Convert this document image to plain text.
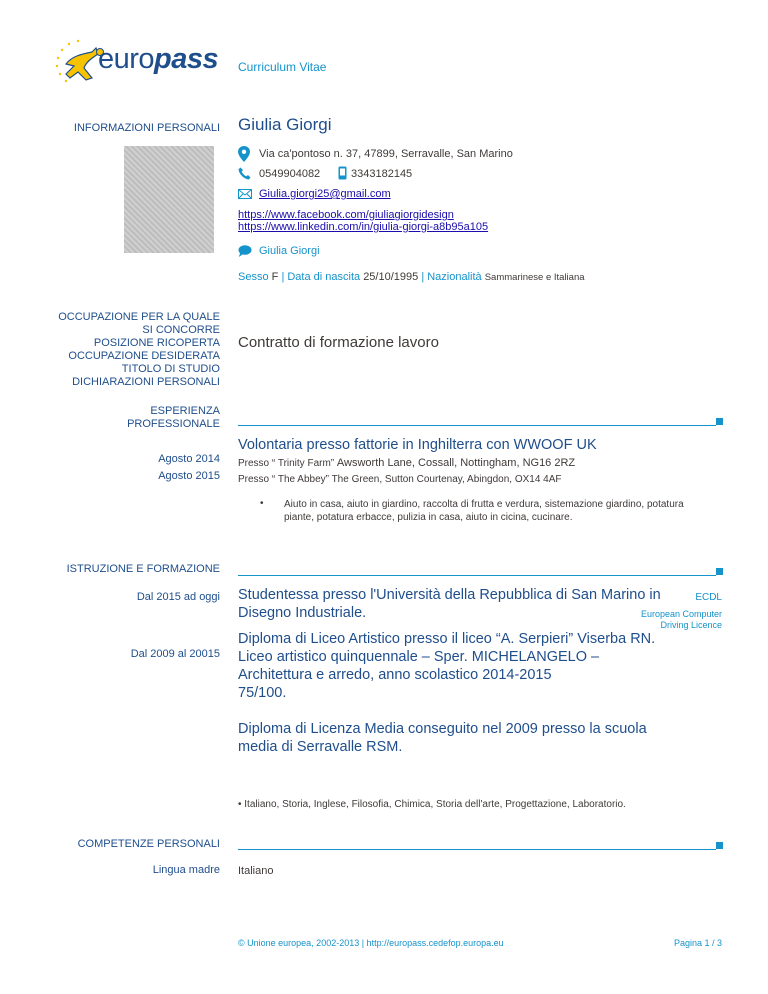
europass Curriculum Vitae
INFORMAZIONI PERSONALI Giulia Giorgi
Via ca'pontoso n. 37, 47899, Serravalle, San Marino
0549904082	3343182145
Giulia.giorgi25@gmail.com
https://www.facebook.com/giuliagiorgidesign
https://www.linkedin.com/in/giulia-giorgi-a8b95a105
Giulia Giorgi
Sesso F | Data di nascita 25/10/1995 | Nazionalità Sammarinese e Italiana
OCCUPAZIONE PER LA QUALE
SI CONCORRE
POSIZIONE RICOPERTA
OCCUPAZIONE DESIDERATA
TITOLO DI STUDIO
DICHIARAZIONI PERSONALI
Contratto di formazione lavoro
ESPERIENZA
PROFESSIONALE
Agosto 2014
Agosto 2015
Volontaria presso fattorie in Inghilterra con WWOOF UK
Presso “ Trinity Farm” Awsworth Lane, Cossall, Nottingham, NG16 2RZ
Presso “ The Abbey” The Green, Sutton Courtenay, Abingdon, OX14 4AF
• Aiuto in casa, aiuto in giardino, raccolta di frutta e verdura, sistemazione giardino, potatura
piante, potatura erbacce, pulizia in casa, aiuto in cicina, cucinare.
ISTRUZIONE E FORMAZIONE
Dal 2015 ad oggi Studentessa presso l'Università della Repubblica di San Marino in
Disegno Industriale.
ECDL
European Computer
Driving Licence
Dal 2009 al 20015
Diploma di Liceo Artistico presso il liceo “A. Serpieri” Viserba RN.
Liceo artistico quinquennale – Sper. MICHELANGELO –
Architettura e arredo, anno scolastico 2014-2015
75/100.
Diploma di Licenza Media conseguito nel 2009 presso la scuola
media di Serravalle RSM.
• Italiano, Storia, Inglese, Filosofia, Chimica, Storia dell'arte, Progettazione, Laboratorio.
COMPETENZE PERSONALI
Lingua madre Italiano
© Unione europea, 2002-2013 | http://europass.cedefop.europa.eu	Pagina 1 / 3
